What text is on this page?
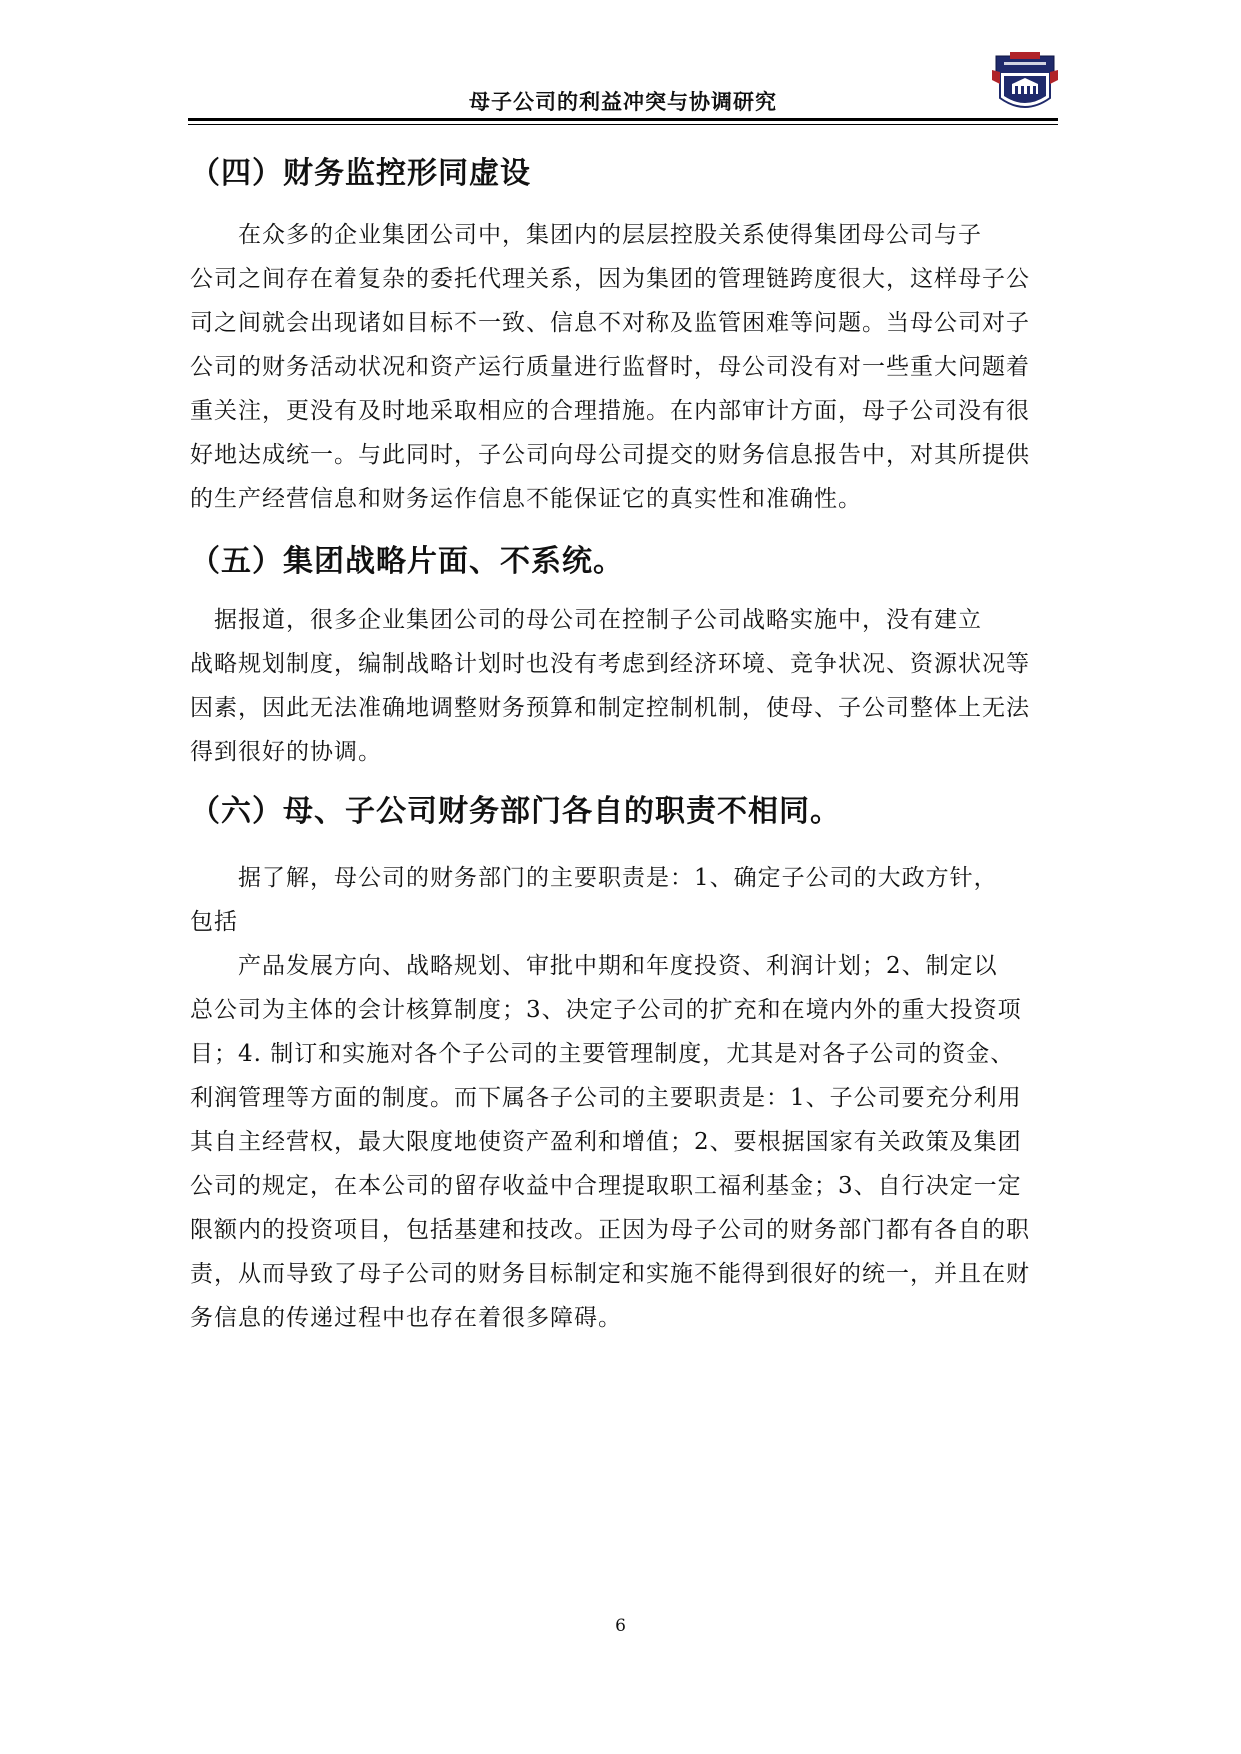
母子公司的利益冲突与协调研究
（四）财务监控形同虚设
　　在众多的企业集团公司中，集团内的层层控股关系使得集团母公司与子
公司之间存在着复杂的委托代理关系，因为集团的管理链跨度很大，这样母子公
司之间就会出现诸如目标不一致、信息不对称及监管困难等问题。当母公司对子
公司的财务活动状况和资产运行质量进行监督时，母公司没有对一些重大问题着
重关注，更没有及时地采取相应的合理措施。在内部审计方面，母子公司没有很
好地达成统一。与此同时，子公司向母公司提交的财务信息报告中，对其所提供
的生产经营信息和财务运作信息不能保证它的真实性和准确性。
（五）集团战略片面、不系统。
　据报道，很多企业集团公司的母公司在控制子公司战略实施中，没有建立
战略规划制度，编制战略计划时也没有考虑到经济环境、竞争状况、资源状况等
因素，因此无法准确地调整财务预算和制定控制机制，使母、子公司整体上无法
得到很好的协调。
（六）母、子公司财务部门各自的职责不相同。
　　据了解，母公司的财务部门的主要职责是：1、确定子公司的大政方针，
包括
　　产品发展方向、战略规划、审批中期和年度投资、利润计划；2、制定以
总公司为主体的会计核算制度；3、决定子公司的扩充和在境内外的重大投资项
目；4. 制订和实施对各个子公司的主要管理制度，尤其是对各子公司的资金、
利润管理等方面的制度。而下属各子公司的主要职责是：1、子公司要充分利用
其自主经营权，最大限度地使资产盈利和增值；2、要根据国家有关政策及集团
公司的规定，在本公司的留存收益中合理提取职工福利基金；3、自行决定一定
限额内的投资项目，包括基建和技改。正因为母子公司的财务部门都有各自的职
责，从而导致了母子公司的财务目标制定和实施不能得到很好的统一，并且在财
务信息的传递过程中也存在着很多障碍。
6
